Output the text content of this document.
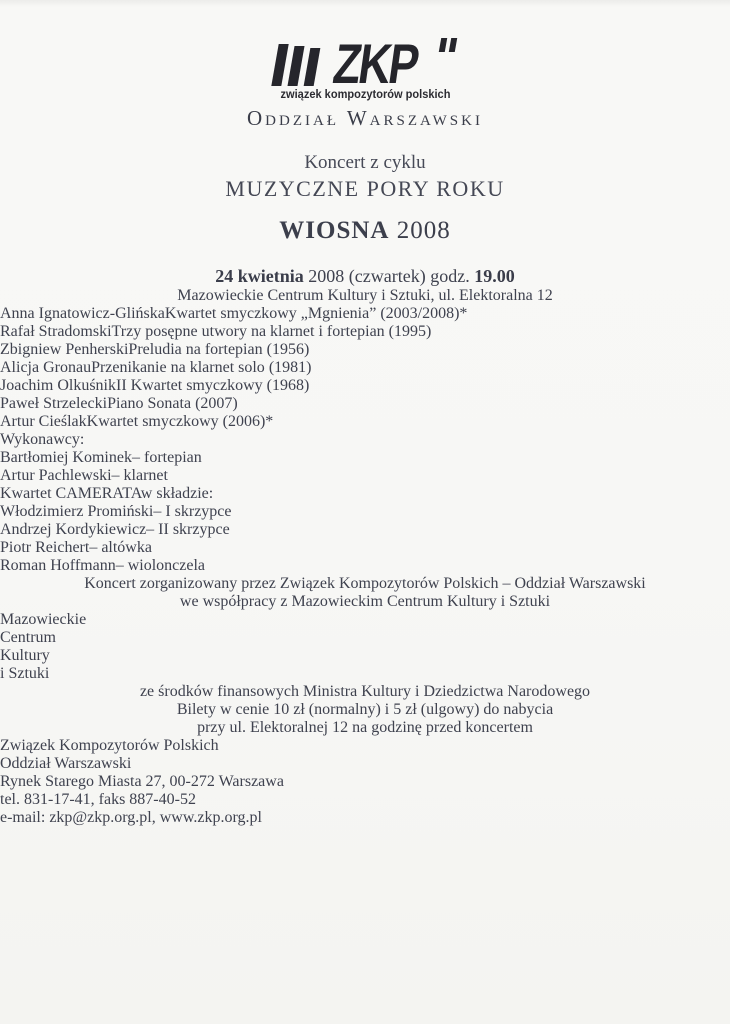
ZKP
związek kompozytorów polskich
Oddział Warszawski
Koncert z cyklu
MUZYCZNE PORY ROKU
WIOSNA 2008
24 kwietnia 2008 (czwartek) godz. 19.00
Mazowieckie Centrum Kultury i Sztuki, ul. Elektoralna 12
Anna Ignatowicz-GlińskaKwartet smyczkowy „Mgnienia” (2003/2008)*
Rafał StradomskiTrzy posępne utwory na klarnet i fortepian (1995)
Zbigniew PenherskiPreludia na fortepian (1956)
Alicja GronauPrzenikanie na klarnet solo (1981)
Joachim OlkuśnikII Kwartet smyczkowy (1968)
Paweł StrzeleckiPiano Sonata (2007)
Artur CieślakKwartet smyczkowy (2006)*
Wykonawcy:
Bartłomiej Kominek– fortepian
Artur Pachlewski– klarnet
Kwartet CAMERATAw składzie:
Włodzimierz Promiński– I skrzypce
Andrzej Kordykiewicz– II skrzypce
Piotr Reichert– altówka
Roman Hoffmann– wiolonczela
Koncert zorganizowany przez Związek Kompozytorów Polskich – Oddział Warszawski
we współpracy z Mazowieckim Centrum Kultury i Sztuki
Mazowieckie
Centrum
Kultury
i Sztuki
ze środków finansowych Ministra Kultury i Dziedzictwa Narodowego
Bilety w cenie 10 zł (normalny) i 5 zł (ulgowy) do nabycia
przy ul. Elektoralnej 12 na godzinę przed koncertem
Związek Kompozytorów Polskich
Oddział Warszawski
Rynek Starego Miasta 27, 00-272 Warszawa
tel. 831-17-41, faks 887-40-52
e-mail: zkp@zkp.org.pl, www.zkp.org.pl
